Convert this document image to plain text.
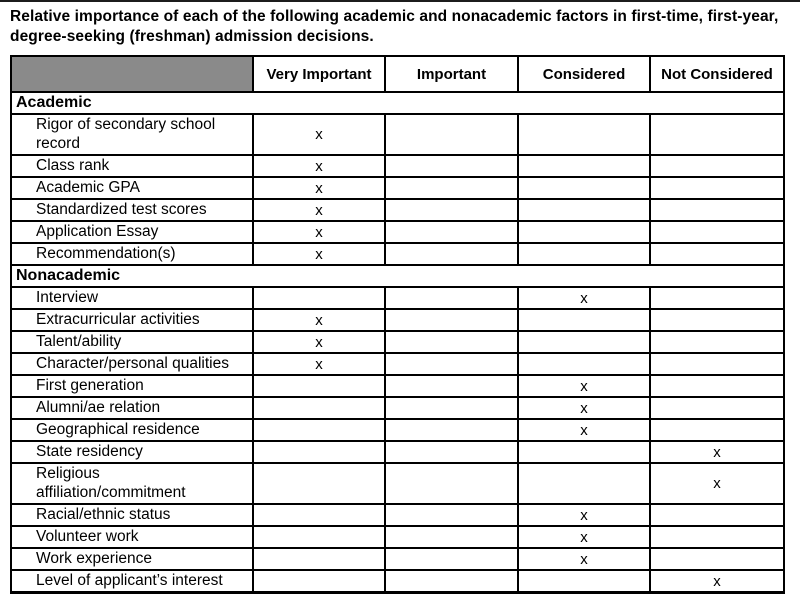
Relative importance of each of the following academic and nonacademic factors in first-time, first-year, degree-seeking (freshman) admission decisions.
	Very Important	Important	Considered	Not Considered
Academic				
Rigor of secondary school record	x			
Class rank	x			
Academic GPA	x			
Standardized test scores	x			
Application Essay	x			
Recommendation(s)	x			
Nonacademic				
Interview			x	
Extracurricular activities	x			
Talent/ability	x			
Character/personal qualities	x			
First generation			x	
Alumni/ae relation			x	
Geographical residence			x	
State residency				x
Religious affiliation/commitment				x
Racial/ethnic status			x	
Volunteer work			x	
Work experience			x	
Level of applicant’s interest				x
